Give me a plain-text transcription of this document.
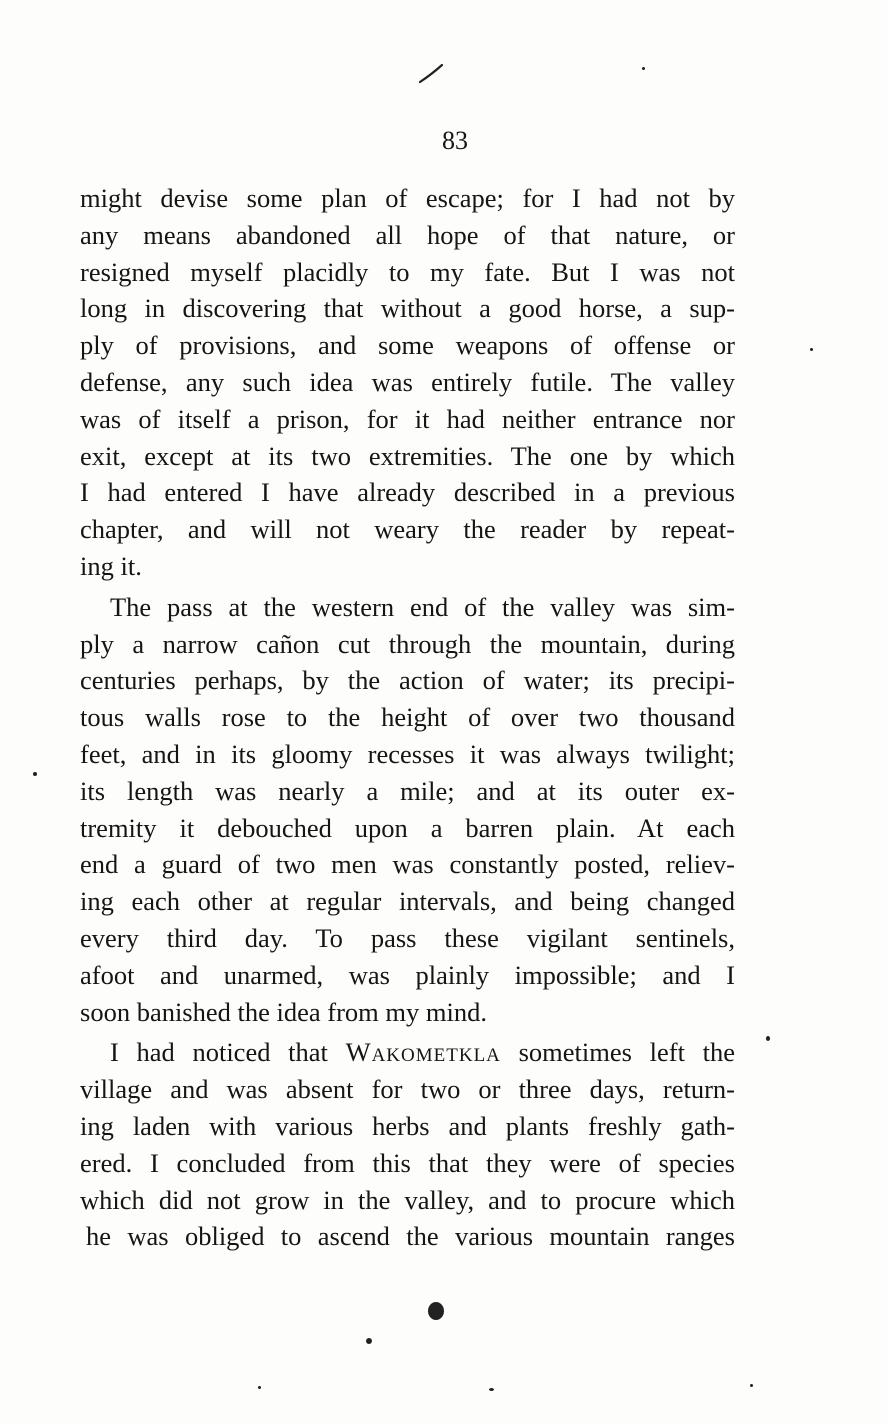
83
might devise some plan of escape; for I had not by
any means abandoned all hope of that nature, or
resigned myself placidly to my fate. But I was not
long in discovering that without a good horse, a sup-
ply of provisions, and some weapons of offense or
defense, any such idea was entirely futile. The valley
was of itself a prison, for it had neither entrance nor
exit, except at its two extremities. The one by which
I had entered I have already described in a previous
chapter, and will not weary the reader by repeat-
ing it.
The pass at the western end of the valley was sim-
ply a narrow cañon cut through the mountain, during
centuries perhaps, by the action of water; its precipi-
tous walls rose to the height of over two thousand
feet, and in its gloomy recesses it was always twilight;
its length was nearly a mile; and at its outer ex-
tremity it debouched upon a barren plain. At each
end a guard of two men was constantly posted, reliev-
ing each other at regular intervals, and being changed
every third day. To pass these vigilant sentinels,
afoot and unarmed, was plainly impossible; and I
soon banished the idea from my mind.
I had noticed that Wakometkla sometimes left the
village and was absent for two or three days, return-
ing laden with various herbs and plants freshly gath-
ered. I concluded from this that they were of species
which did not grow in the valley, and to procure which
he was obliged to ascend the various mountain ranges
